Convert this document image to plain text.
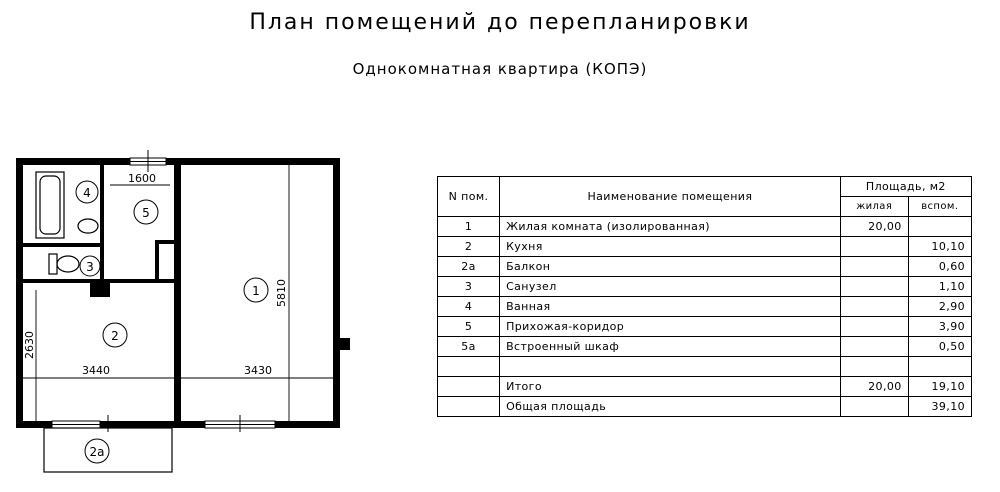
План помещений до перепланировки
Однокомнатная квартира (КОПЭ)
1
2
2а
3
4
5
1600
5810
2630
3440	3430
N пом.	Наименование помещения	Площадь, м2	
		жилая	вспом.
1	Жилая комната (изолированная)	20,00	
2	Кухня		10,10
2а	Балкон		0,60
3	Санузел		1,10
4	Ванная		2,90
5	Прихожая-коридор		3,90
5а	Встроенный шкаф		0,50

	Итого	20,00	19,10
	Общая площадь		39,10
